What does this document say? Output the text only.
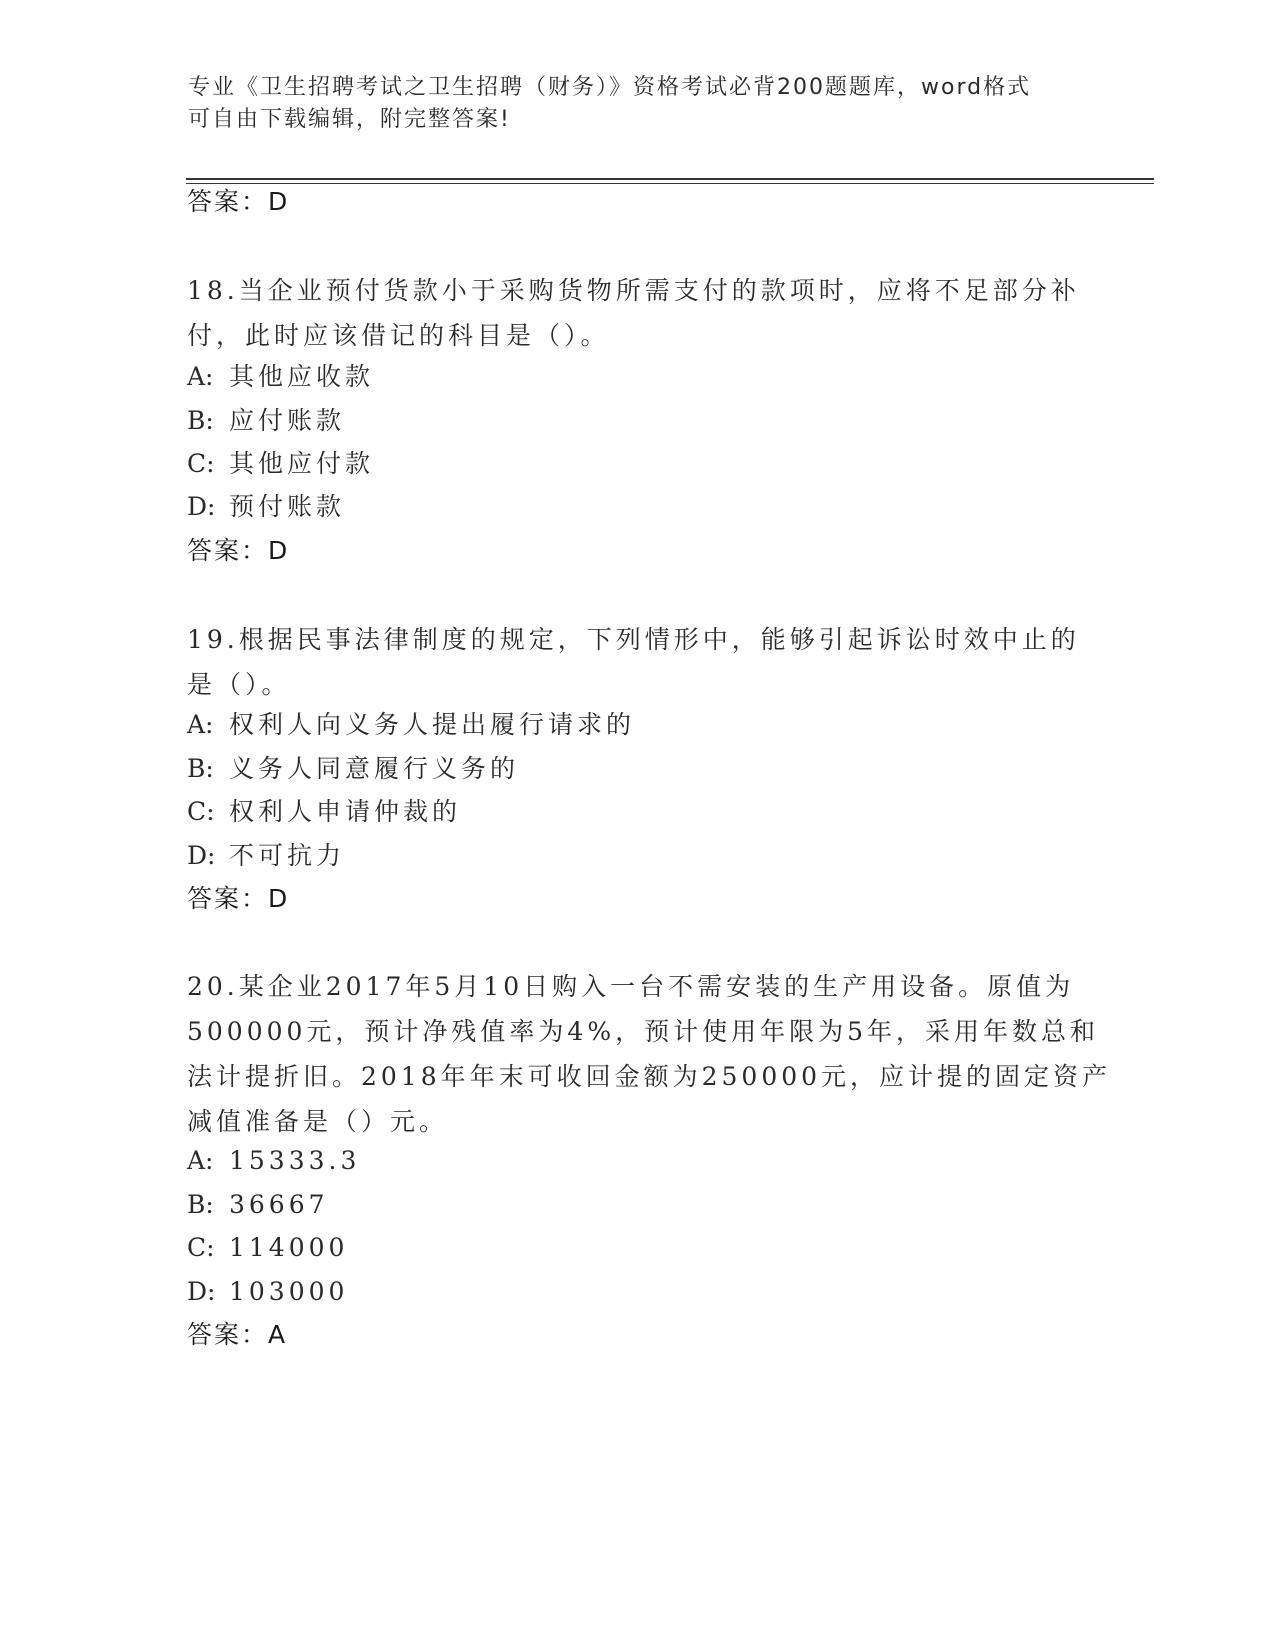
专业《卫生招聘考试之卫生招聘（财务）》资格考试必背200题题库，word格式
可自由下载编辑，附完整答案!
答案：D
18.当企业预付货款小于采购货物所需支付的款项时，应将不足部分补
付，此时应该借记的科目是（）。
A: 其他应收款
B: 应付账款
C: 其他应付款
D: 预付账款
答案：D
19.根据民事法律制度的规定，下列情形中，能够引起诉讼时效中止的
是（）。
A: 权利人向义务人提出履行请求的
B: 义务人同意履行义务的
C: 权利人申请仲裁的
D: 不可抗力
答案：D
20.某企业2017年5月10日购入一台不需安装的生产用设备。原值为
500000元，预计净残值率为4%，预计使用年限为5年，采用年数总和
法计提折旧。2018年年末可收回金额为250000元，应计提的固定资产
减值准备是（）元。
A: 15333.3
B: 36667
C: 114000
D: 103000
答案：A
